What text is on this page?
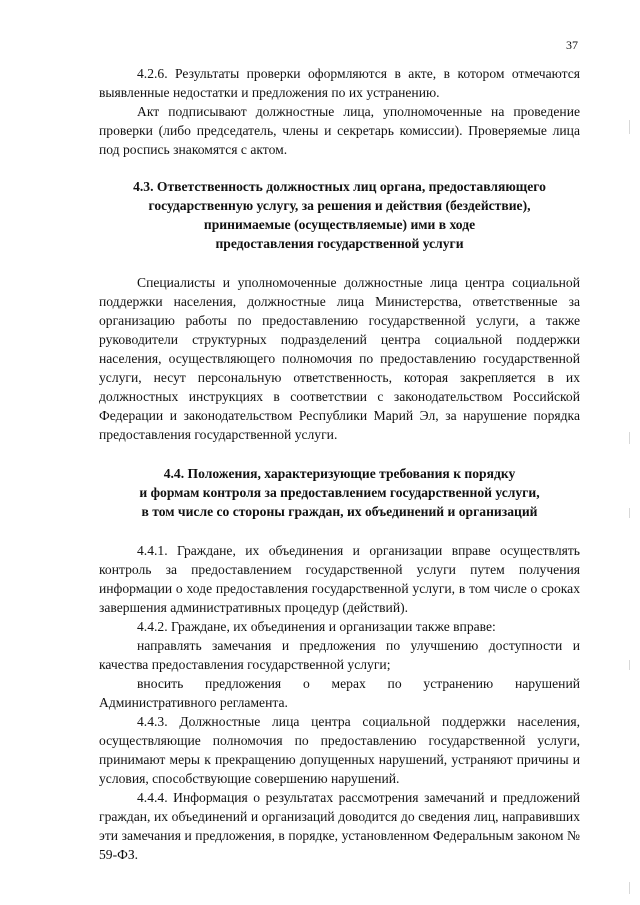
37

4.2.6. Результаты проверки оформляются в акте, в котором отмечаются выявленные недостатки и предложения по их устранению.

Акт подписывают должностные лица, уполномоченные на проведение проверки (либо председатель, члены и секретарь комиссии). Проверяемые лица под роспись знакомятся с актом.

4.3. Ответственность должностных лиц органа, предоставляющего
государственную услугу, за решения и действия (бездействие),
принимаемые (осуществляемые) ими в ходе
предоставления государственной услуги

Специалисты и уполномоченные должностные лица центра социальной поддержки населения, должностные лица Министерства, ответственные за организацию работы по предоставлению государственной услуги, а также руководители структурных подразделений центра социальной поддержки населения, осуществляющего полномочия по предоставлению государственной услуги, несут персональную ответственность, которая закрепляется в их должностных инструкциях в соответствии с законодательством Российской Федерации и законодательством Республики Марий Эл, за нарушение порядка предоставления государственной услуги.

4.4. Положения, характеризующие требования к порядку
и формам контроля за предоставлением государственной услуги,
в том числе со стороны граждан, их объединений и организаций

4.4.1. Граждане, их объединения и организации вправе осуществлять контроль за предоставлением государственной услуги путем получения информации о ходе предоставления государственной услуги, в том числе о сроках завершения административных процедур (действий).

4.4.2. Граждане, их объединения и организации также вправе:

направлять замечания и предложения по улучшению доступности и качества предоставления государственной услуги;

вносить предложения о мерах по устранению нарушений Административного регламента.

4.4.3. Должностные лица центра социальной поддержки населения, осуществляющие полномочия по предоставлению государственной услуги, принимают меры к прекращению допущенных нарушений, устраняют причины и условия, способствующие совершению нарушений.

4.4.4. Информация о результатах рассмотрения замечаний и предложений граждан, их объединений и организаций доводится до сведения лиц, направивших эти замечания и предложения, в порядке, установленном Федеральным законом № 59-ФЗ.
